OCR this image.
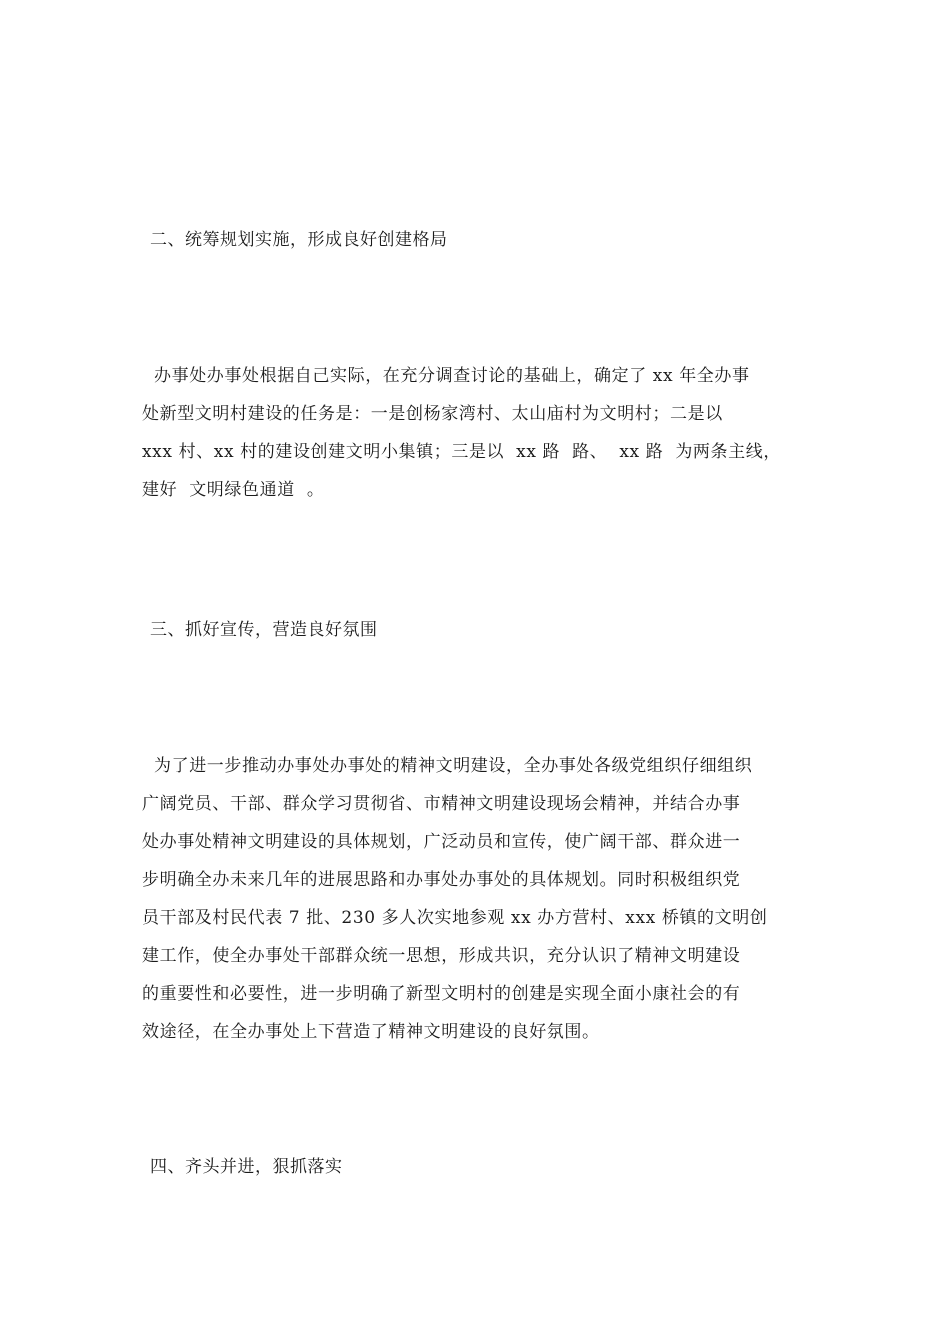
二、统筹规划实施，形成良好创建格局
办事处办事处根据自己实际，在充分调查讨论的基础上，确定了 xx 年全办事
处新型文明村建设的任务是：一是创杨家湾村、太山庙村为文明村；二是以
xxx 村、xx 村的建设创建文明小集镇；三是以  xx 路  路、  xx 路  为两条主线，
建好  文明绿色通道  。
三、抓好宣传，营造良好氛围
为了进一步推动办事处办事处的精神文明建设，全办事处各级党组织仔细组织
广阔党员、干部、群众学习贯彻省、市精神文明建设现场会精神，并结合办事
处办事处精神文明建设的具体规划，广泛动员和宣传，使广阔干部、群众进一
步明确全办未来几年的进展思路和办事处办事处的具体规划。同时积极组织党
员干部及村民代表 7 批、230 多人次实地参观 xx 办方营村、xxx 桥镇的文明创
建工作，使全办事处干部群众统一思想，形成共识，充分认识了精神文明建设
的重要性和必要性，进一步明确了新型文明村的创建是实现全面小康社会的有
效途径，在全办事处上下营造了精神文明建设的良好氛围。
四、齐头并进，狠抓落实
